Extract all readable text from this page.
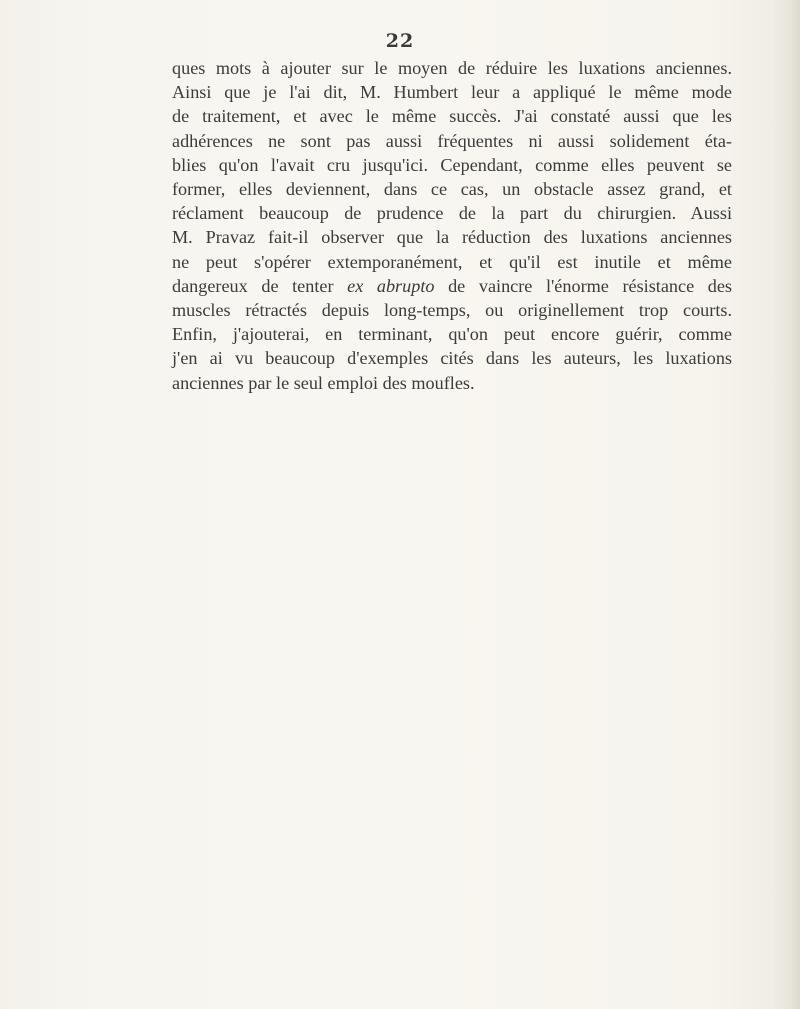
22
ques mots à ajouter sur le moyen de réduire les luxations anciennes.
Ainsi que je l'ai dit, M. Humbert leur a appliqué le même mode
de traitement, et avec le même succès. J'ai constaté aussi que les
adhérences ne sont pas aussi fréquentes ni aussi solidement éta-
blies qu'on l'avait cru jusqu'ici. Cependant, comme elles peuvent se
former, elles deviennent, dans ce cas, un obstacle assez grand, et
réclament beaucoup de prudence de la part du chirurgien. Aussi
M. Pravaz fait-il observer que la réduction des luxations anciennes
ne peut s'opérer extemporanément, et qu'il est inutile et même
dangereux de tenter ex abrupto de vaincre l'énorme résistance des
muscles rétractés depuis long-temps, ou originellement trop courts.
Enfin, j'ajouterai, en terminant, qu'on peut encore guérir, comme
j'en ai vu beaucoup d'exemples cités dans les auteurs, les luxations
anciennes par le seul emploi des moufles.
